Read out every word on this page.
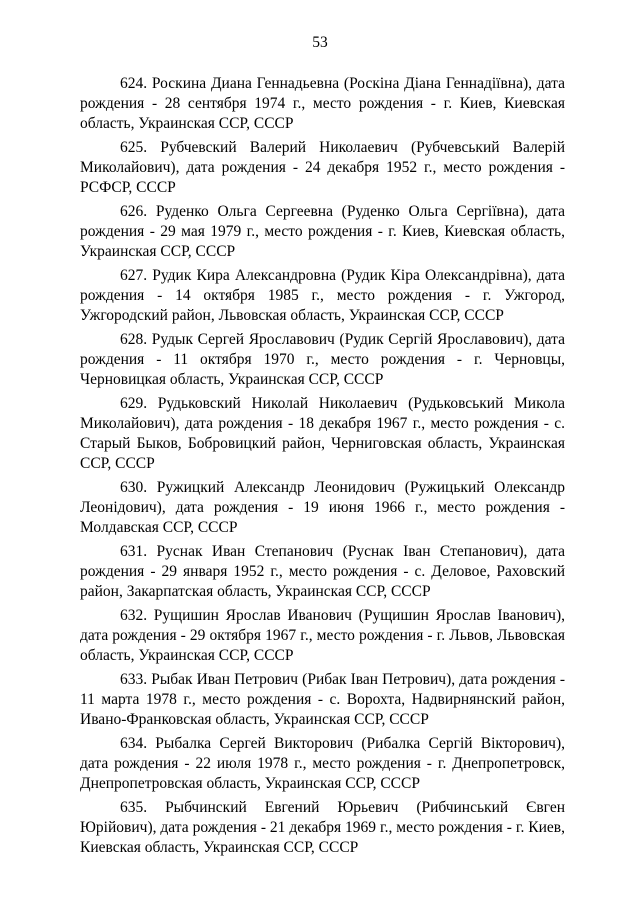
53

624. Роскина Диана Геннадьевна (Роскіна Діана Геннадіївна), дата рождения - 28 сентября 1974 г., место рождения - г. Киев, Киевская область, Украинская ССР, СССР

625. Рубчевский Валерий Николаевич (Рубчевський Валерій Миколайович), дата рождения - 24 декабря 1952 г., место рождения - РСФСР, СССР

626. Руденко Ольга Сергеевна (Руденко Ольга Сергіївна), дата рождения - 29 мая 1979 г., место рождения - г. Киев, Киевская область, Украинская ССР, СССР

627. Рудик Кира Александровна (Рудик Кіра Олександрівна), дата рождения - 14 октября 1985 г., место рождения - г. Ужгород, Ужгородский район, Львовская область, Украинская ССР, СССР

628. Рудык Сергей Ярославович (Рудик Сергій Ярославович), дата рождения - 11 октября 1970 г., место рождения - г. Черновцы, Черновицкая область, Украинская ССР, СССР

629. Рудьковский Николай Николаевич (Рудьковський Микола Миколайович), дата рождения - 18 декабря 1967 г., место рождения - с. Старый Быков, Бобровицкий район, Черниговская область, Украинская ССР, СССР

630. Ружицкий Александр Леонидович (Ружицький Олександр Леонідович), дата рождения - 19 июня 1966 г., место рождения - Молдавская ССР, СССР

631. Руснак Иван Степанович (Руснак Іван Степанович), дата рождения - 29 января 1952 г., место рождения - с. Деловое, Раховский район, Закарпатская область, Украинская ССР, СССР

632. Рущишин Ярослав Иванович (Рущишин Ярослав Іванович), дата рождения - 29 октября 1967 г., место рождения - г. Львов, Львовская область, Украинская ССР, СССР

633. Рыбак Иван Петрович (Рибак Іван Петрович), дата рождения - 11 марта 1978 г., место рождения - с. Ворохта, Надвирнянский район, Ивано-Франковская область, Украинская ССР, СССР

634. Рыбалка Сергей Викторович (Рибалка Сергій Вікторович), дата рождения - 22 июля 1978 г., место рождения - г. Днепропетровск, Днепропетровская область, Украинская ССР, СССР

635. Рыбчинский Евгений Юрьевич (Рибчинський Євген Юрійович), дата рождения - 21 декабря 1969 г., место рождения - г. Киев, Киевская область, Украинская ССР, СССР
